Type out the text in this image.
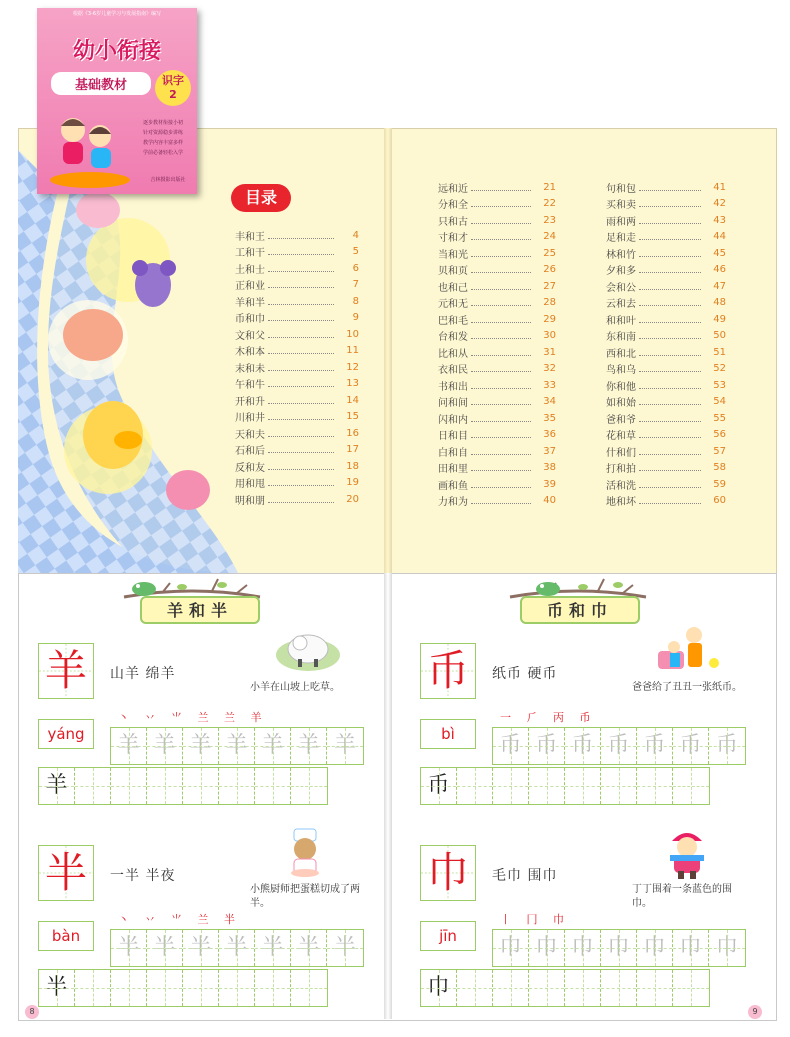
根据《3-6岁儿童学习与发展指南》编写
幼小衔接
基础教材	识字
2
逐步教材衔接小初
针对资源稳步讲练
教学内容丰富多样
学前必备轻松入学
吉林摄影出版社
目录
丰和王	4
工和干	5
土和士	6
正和业	7
羊和半	8
币和巾	9
文和父	10
木和本	11
末和未	12
午和牛	13
开和升	14
川和井	15
天和夫	16
石和后	17
反和友	18
用和甩	19
明和朋	20
远和近	21
分和全	22
只和古	23
寸和才	24
当和光	25
贝和页	26
也和己	27
元和无	28
巴和毛	29
台和发	30
比和从	31
衣和民	32
书和出	33
问和间	34
闪和内	35
日和目	36
白和自	37
田和里	38
画和鱼	39
力和为	40
句和包	41
买和卖	42
雨和两	43
足和走	44
林和竹	45
夕和多	46
会和公	47
云和去	48
和和叶	49
东和南	50
西和北	51
鸟和乌	52
你和他	53
如和始	54
爸和爷	55
花和草	56
什和们	57
打和拍	58
活和洗	59
地和坏	60
羊和半
羊	山羊 绵羊
小羊在山坡上吃草。
yáng
丶 丷 ⺌ 兰 兰 羊
羊 羊 羊 羊 羊 羊 羊
羊
半	一半 半夜
小熊厨师把蛋糕切成了两半。
bàn
丶 丷 ⺌ 兰 半
半 半 半 半 半 半 半
半
币和巾
币	纸币 硬币
爸爸给了丑丑一张纸币。
bì
一 ⺁ 丙 币
币 币 币 币 币 币 币
币
巾	毛巾 围巾
丁丁围着一条蓝色的围巾。
jīn
丨 冂 巾
巾 巾 巾 巾 巾 巾 巾
巾
8	9
